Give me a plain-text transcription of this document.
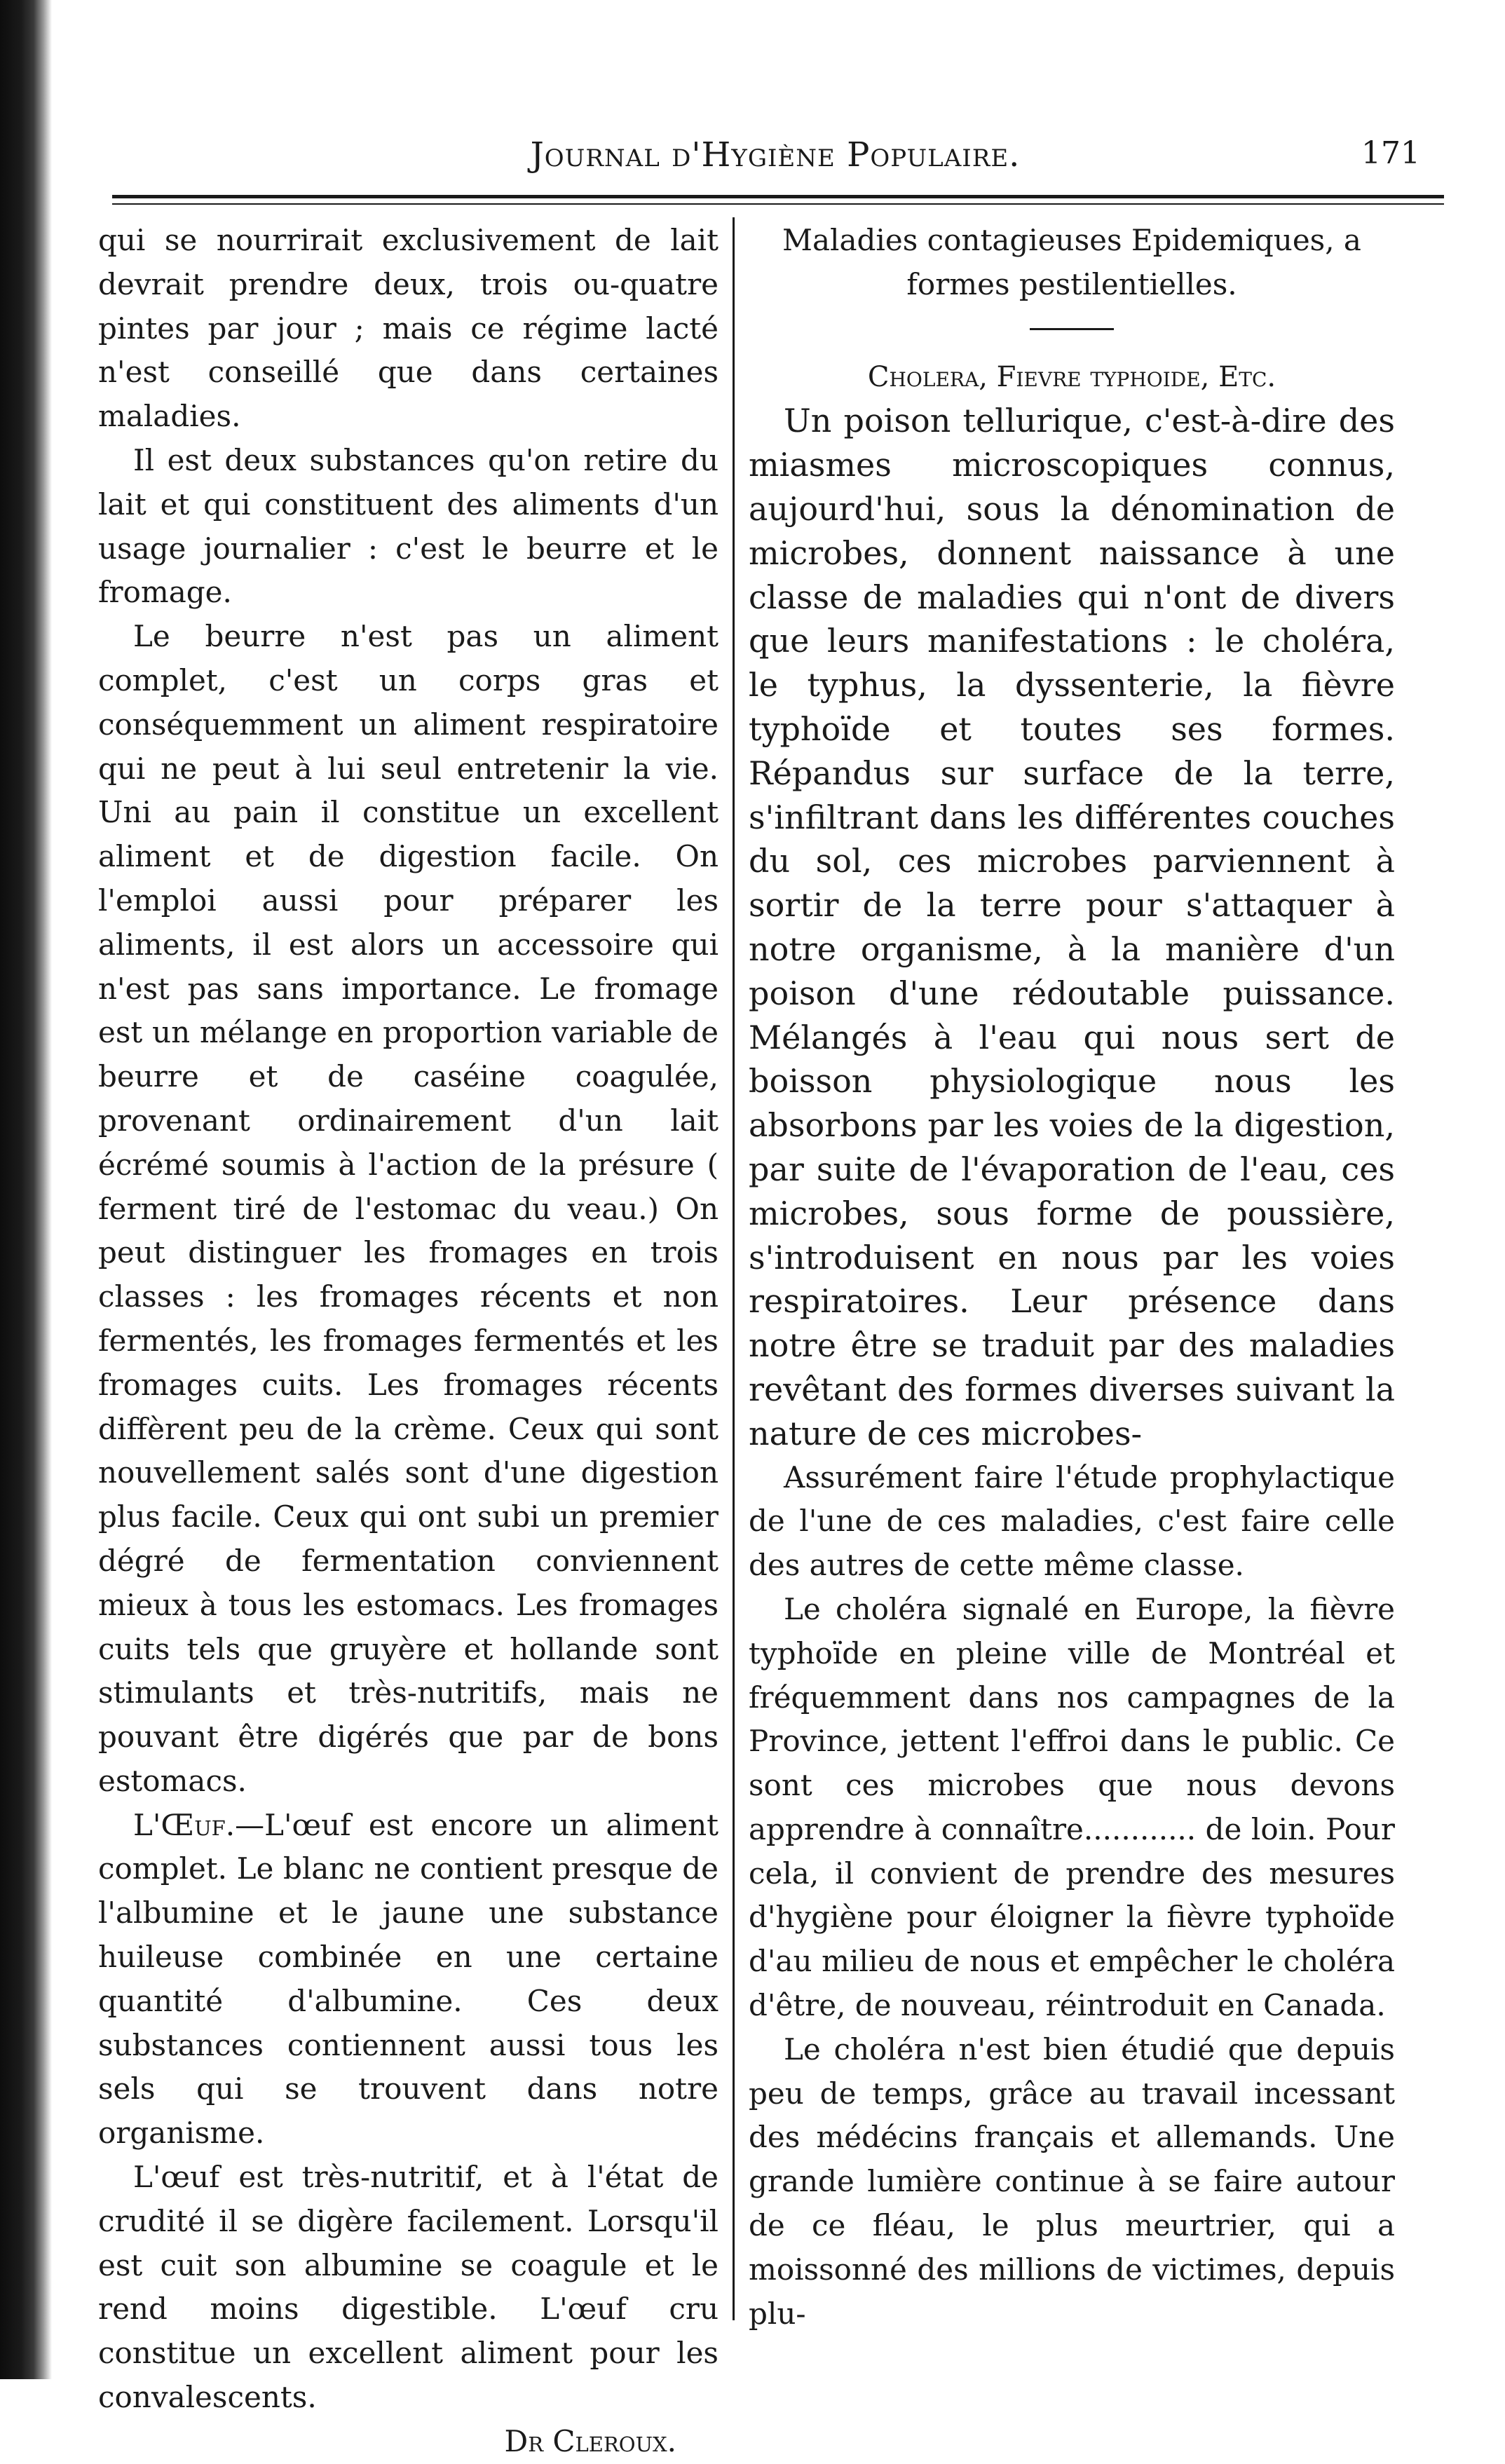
Journal d'Hygiène Populaire.	171

qui se nourrirait exclusivement de lait devrait prendre deux, trois ou-quatre pintes par jour ; mais ce régime lacté n'est conseillé que dans certaines maladies.

Il est deux substances qu'on retire du lait et qui constituent des aliments d'un usage journalier : c'est le beurre et le fromage.

Le beurre n'est pas un aliment complet, c'est un corps gras et conséquemment un aliment respiratoire qui ne peut à lui seul entretenir la vie. Uni au pain il constitue un excellent aliment et de digestion facile. On l'emploi aussi pour préparer les aliments, il est alors un accessoire qui n'est pas sans importance. Le fromage est un mélange en proportion variable de beurre et de caséine coagulée, provenant ordinairement d'un lait écrémé soumis à l'action de la présure ( ferment tiré de l'estomac du veau.) On peut distinguer les fromages en trois classes : les fromages récents et non fermentés, les fromages fermentés et les fromages cuits. Les fromages récents diffèrent peu de la crème. Ceux qui sont nouvellement salés sont d'une digestion plus facile. Ceux qui ont subi un premier dégré de fermentation conviennent mieux à tous les estomacs. Les fromages cuits tels que gruyère et hollande sont stimulants et très-nutritifs, mais ne pouvant être digérés que par de bons estomacs.

L'Œuf.—L'œuf est encore un aliment complet. Le blanc ne contient presque de l'albumine et le jaune une substance huileuse combinée en une certaine quantité d'albumine. Ces deux substances contiennent aussi tous les sels qui se trouvent dans notre organisme.

L'œuf est très-nutritif, et à l'état de crudité il se digère facilement. Lorsqu'il est cuit son albumine se coagule et le rend moins digestible. L'œuf cru constitue un excellent aliment pour les convalescents.

Dr Cleroux.

Maladies contagieuses Epidemiques, a formes pestilentielles.

Cholera, Fievre typhoide, Etc.

Un poison tellurique, c'est-à-dire des miasmes microscopiques connus, aujourd'hui, sous la dénomination de microbes, donnent naissance à une classe de maladies qui n'ont de divers que leurs manifestations : le choléra, le typhus, la dyssenterie, la fièvre typhoïde et toutes ses formes. Répandus sur surface de la terre, s'infiltrant dans les différentes couches du sol, ces microbes parviennent à sortir de la terre pour s'attaquer à notre organisme, à la manière d'un poison d'une rédoutable puissance. Mélangés à l'eau qui nous sert de boisson physiologique nous les absorbons par les voies de la digestion, par suite de l'évaporation de l'eau, ces microbes, sous forme de poussière, s'introduisent en nous par les voies respiratoires. Leur présence dans notre être se traduit par des maladies revêtant des formes diverses suivant la nature de ces microbes-

Assurément faire l'étude prophylactique de l'une de ces maladies, c'est faire celle des autres de cette même classe.

Le choléra signalé en Europe, la fièvre typhoïde en pleine ville de Montréal et fréquemment dans nos campagnes de la Province, jettent l'effroi dans le public. Ce sont ces microbes que nous devons apprendre à connaître............ de loin. Pour cela, il convient de prendre des mesures d'hygiène pour éloigner la fièvre typhoïde d'au milieu de nous et empêcher le choléra d'être, de nouveau, réintroduit en Canada.

Le choléra n'est bien étudié que depuis peu de temps, grâce au travail incessant des médécins français et allemands. Une grande lumière continue à se faire autour de ce fléau, le plus meurtrier, qui a moissonné des millions de victimes, depuis plu-
